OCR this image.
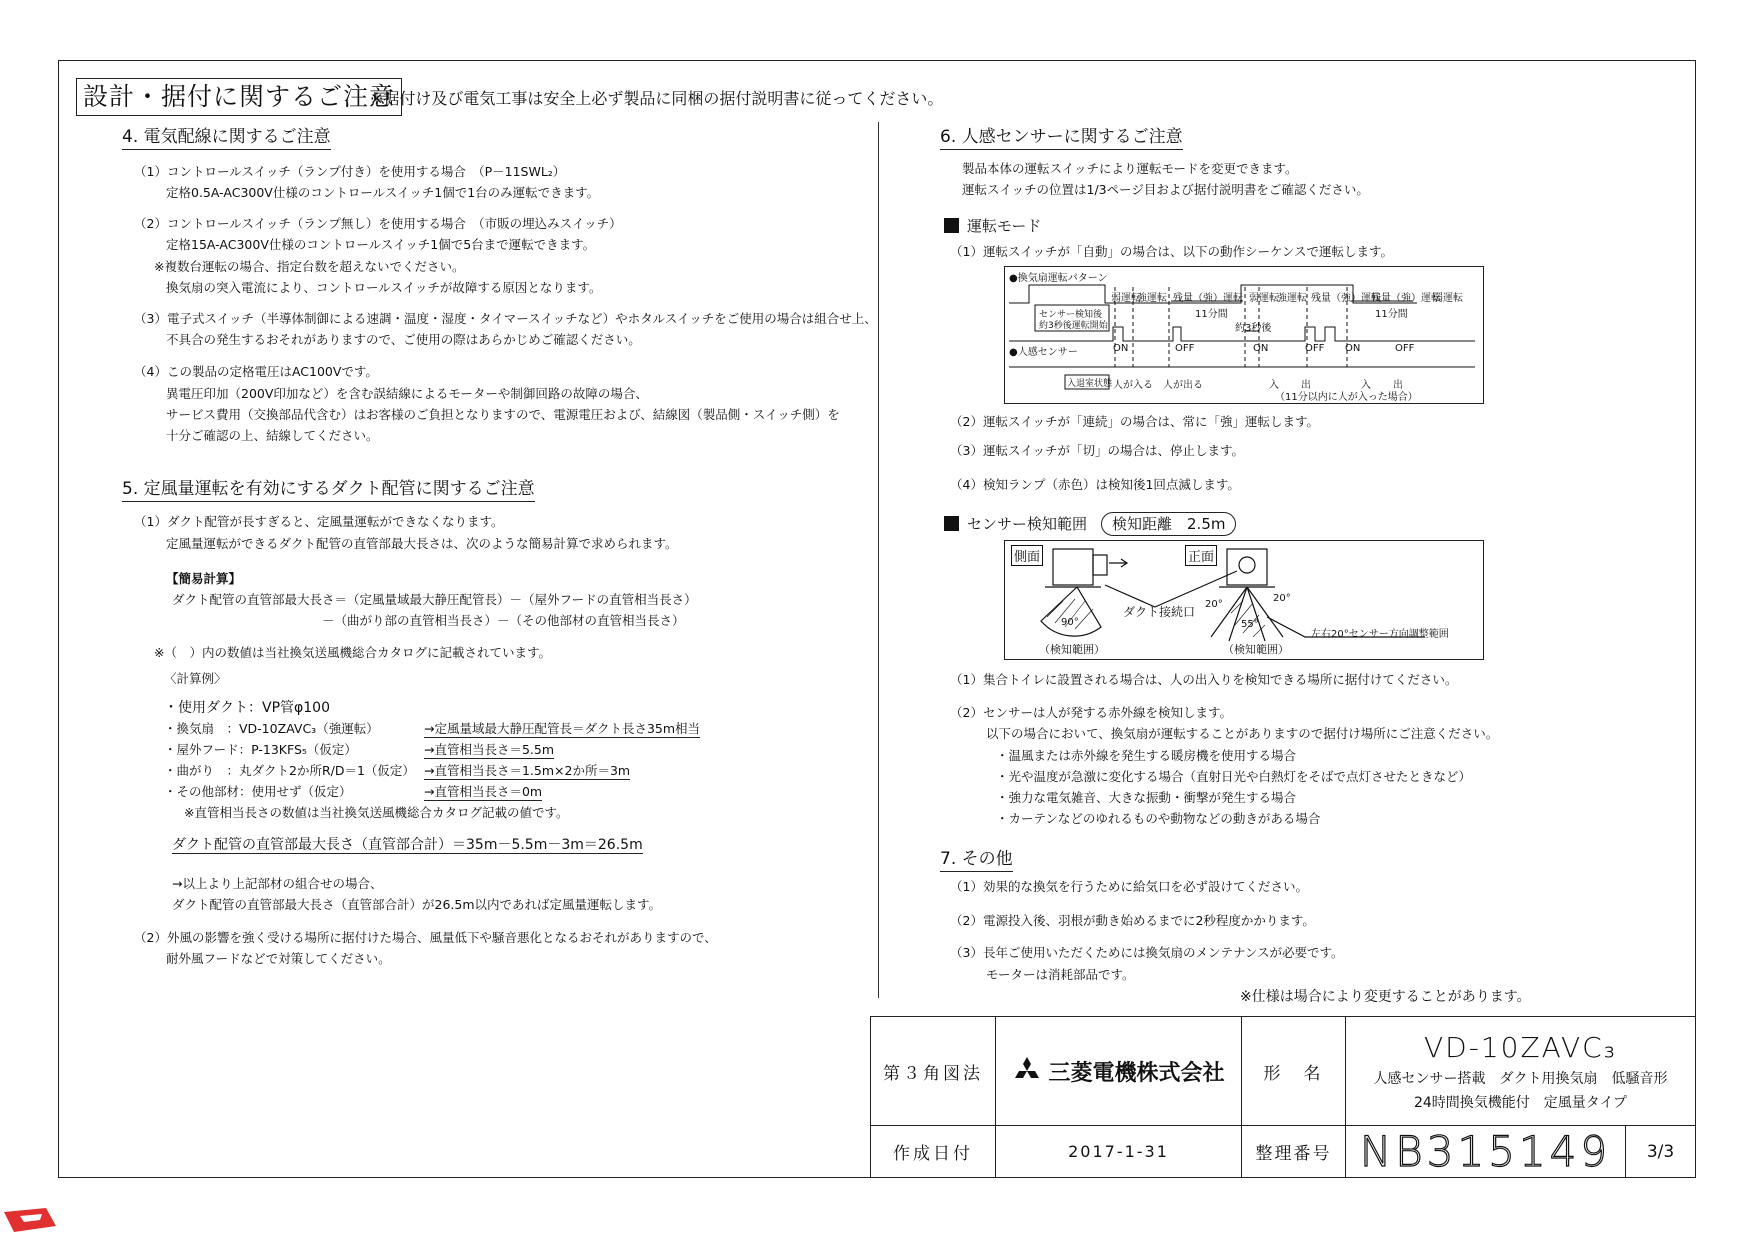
設計・据付に関するご注意
※据付け及び電気工事は安全上必ず製品に同梱の据付説明書に従ってください。
4. 電気配線に関するご注意
（1）コントロールスイッチ（ランプ付き）を使用する場合　（P－11SWL₂）
定格0.5A-AC300V仕様のコントロールスイッチ1個で1台のみ運転できます。
（2）コントロールスイッチ（ランプ無し）を使用する場合　（市販の埋込みスイッチ）
定格15A-AC300V仕様のコントロールスイッチ1個で5台まで運転できます。
※複数台運転の場合、指定台数を超えないでください。
換気扇の突入電流により、コントロールスイッチが故障する原因となります。
（3）電子式スイッチ（半導体制御による速調・温度・湿度・タイマースイッチなど）やホタルスイッチをご使用の場合は組合せ上、
不具合の発生するおそれがありますので、ご使用の際はあらかじめご確認ください。
（4）この製品の定格電圧はAC100Vです。
異電圧印加（200V印加など）を含む誤結線によるモーターや制御回路の故障の場合、
サービス費用（交換部品代含む）はお客様のご負担となりますので、電源電圧および、結線図（製品側・スイッチ側）を
十分ご確認の上、結線してください。
5. 定風量運転を有効にするダクト配管に関するご注意
（1）ダクト配管が長すぎると、定風量運転ができなくなります。
定風量運転ができるダクト配管の直管部最大長さは、次のような簡易計算で求められます。
【簡易計算】
ダクト配管の直管部最大長さ＝（定風量域最大静圧配管長）－（屋外フードの直管相当長さ）
－（曲がり部の直管相当長さ）－（その他部材の直管相当長さ）
※（　）内の数値は当社換気送風機総合カタログに記載されています。
〈計算例〉
・使用ダクト：VP管φ100
・換気扇　：VD-10ZAVC₃（強運転）	→定風量域最大静圧配管長＝ダクト長さ35m相当
・屋外フード：P-13KFS₅（仮定）	→直管相当長さ＝5.5m
・曲がり　：丸ダクト2か所R/D＝1（仮定） →直管相当長さ＝1.5m×2か所＝3m
・その他部材：使用せず（仮定）	→直管相当長さ＝0m
※直管相当長さの数値は当社換気送風機総合カタログ記載の値です。
ダクト配管の直管部最大長さ（直管部合計）＝35m－5.5m－3m＝26.5m
→以上より上記部材の組合せの場合、
ダクト配管の直管部最大長さ（直管部合計）が26.5m以内であれば定風量運転します。
（2）外風の影響を強く受ける場所に据付けた場合、風量低下や騒音悪化となるおそれがありますので、
耐外風フードなどで対策してください。
6. 人感センサーに関するご注意
製品本体の運転スイッチにより運転モードを変更できます。
運転スイッチの位置は1/3ページ目および据付説明書をご確認ください。
運転モード
（1）運転スイッチが「自動」の場合は、以下の動作シーケンスで運転します。
●換気扇運転パターン
弱運転
強運転 残量（強）運転
11分間
弱運転
強運転 残量（強）運転
残量（強）運転
弱運転
11分間
約3秒後
センサー検知後
約3秒後運転開始
●人感センサー	ON	OFF	ON	OFF ON	OFF
入退室状態 人が入る 人が出る	入 出	入 出
（11分以内に人が入った場合）
（2）運転スイッチが「連続」の場合は、常に「強」運転します。
（3）運転スイッチが「切」の場合は、停止します。
（4）検知ランプ（赤色）は検知後1回点滅します。
センサー検知範囲 検知距離　2.5m
側面	正面
ダクト接続口
90°
20°
20°
55°
（検知範囲）	（検知範囲）
左右20°センサー方向調整範囲
（1）集合トイレに設置される場合は、人の出入りを検知できる場所に据付けてください。
（2）センサーは人が発する赤外線を検知します。
以下の場合において、換気扇が運転することがありますので据付け場所にご注意ください。
・温風または赤外線を発生する暖房機を使用する場合
・光や温度が急激に変化する場合（直射日光や白熱灯をそばで点灯させたときなど）
・強力な電気雑音、大きな振動・衝撃が発生する場合
・カーテンなどのゆれるものや動物などの動きがある場合
7. その他
（1）効果的な換気を行うために給気口を必ず設けてください。
（2）電源投入後、羽根が動き始めるまでに2秒程度かかります。
（3）長年ご使用いただくためには換気扇のメンテナンスが必要です。
モーターは消耗部品です。
※仕様は場合により変更することがあります。
第３角図法	三菱電機株式会社	形　名
VD-10ZAVC₃
人感センサー搭載　ダクト用換気扇　低騒音形
24時間換気機能付　定風量タイプ
作成日付	2017-1-31	整理番号 NB315149	3/3
